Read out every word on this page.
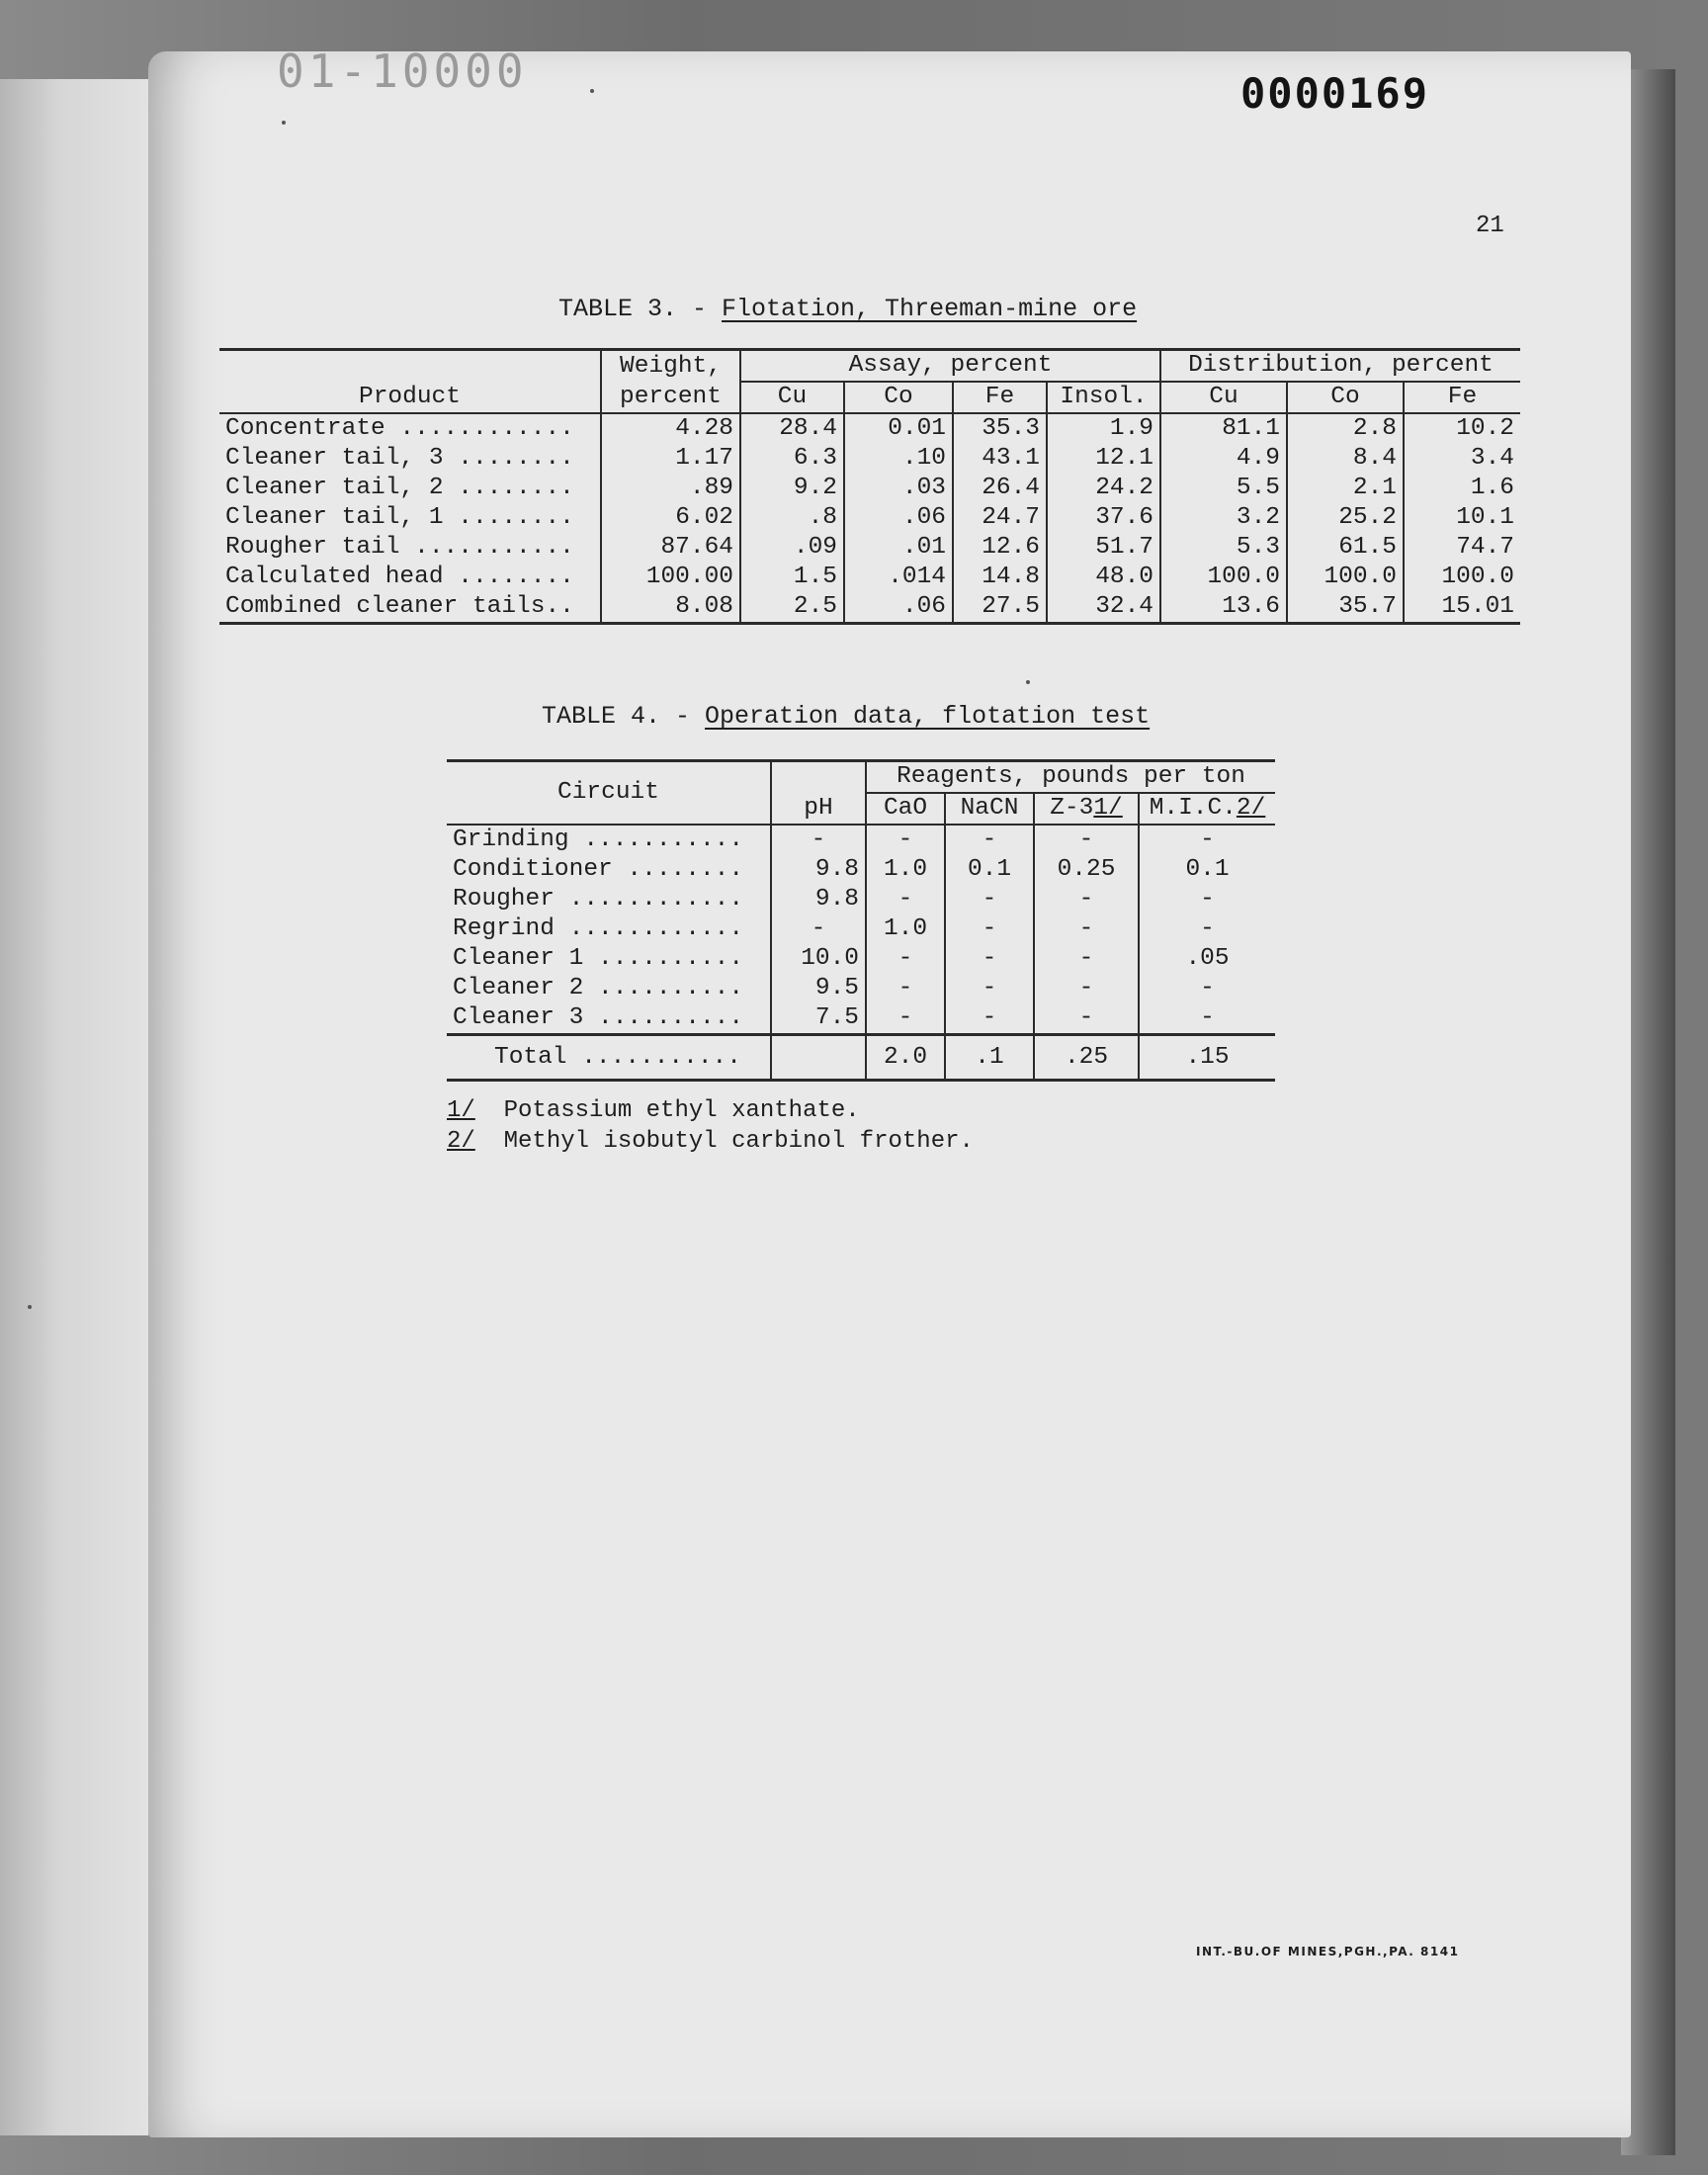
01-10000	0000169
21
TABLE 3. - Flotation, Threeman-mine ore
Product	Weight,	Assay, percent				Distribution, percent		
	percent	Cu	Co	Fe	Insol.	Cu	Co	Fe
Concentrate ............	4.28	28.4	0.01	35.3	1.9	81.1	2.8	10.2
Cleaner tail, 3 ........	1.17	6.3	.10	43.1	12.1	4.9	8.4	3.4
Cleaner tail, 2 ........	.89	9.2	.03	26.4	24.2	5.5	2.1	1.6
Cleaner tail, 1 ........	6.02	.8	.06	24.7	37.6	3.2	25.2	10.1
Rougher tail ...........	87.64	.09	.01	12.6	51.7	5.3	61.5	74.7
Calculated head ........	100.00	1.5	.014	14.8	48.0	100.0	100.0	100.0
Combined cleaner tails..	8.08	2.5	.06	27.5	32.4	13.6	35.7	15.01
TABLE 4. - Operation data, flotation test
Circuit	pH	Reagents, pounds per ton			
		CaO	NaCN	Z-31/	M.I.C.2/
Grinding ...........	-	-	-	-	-
Conditioner ........	9.8	1.0	0.1	0.25	0.1
Rougher ............	9.8	-	-	-	-
Regrind ............	-	1.0	-	-	-
Cleaner 1 ..........	10.0	-	-	-	.05
Cleaner 2 ..........	9.5	-	-	-	-
Cleaner 3 ..........	7.5	-	-	-	-
Total ...........		2.0	.1	.25	.15
1/ Potassium ethyl xanthate.
2/ Methyl isobutyl carbinol frother.
INT.-BU.OF MINES,PGH.,PA. 8141
